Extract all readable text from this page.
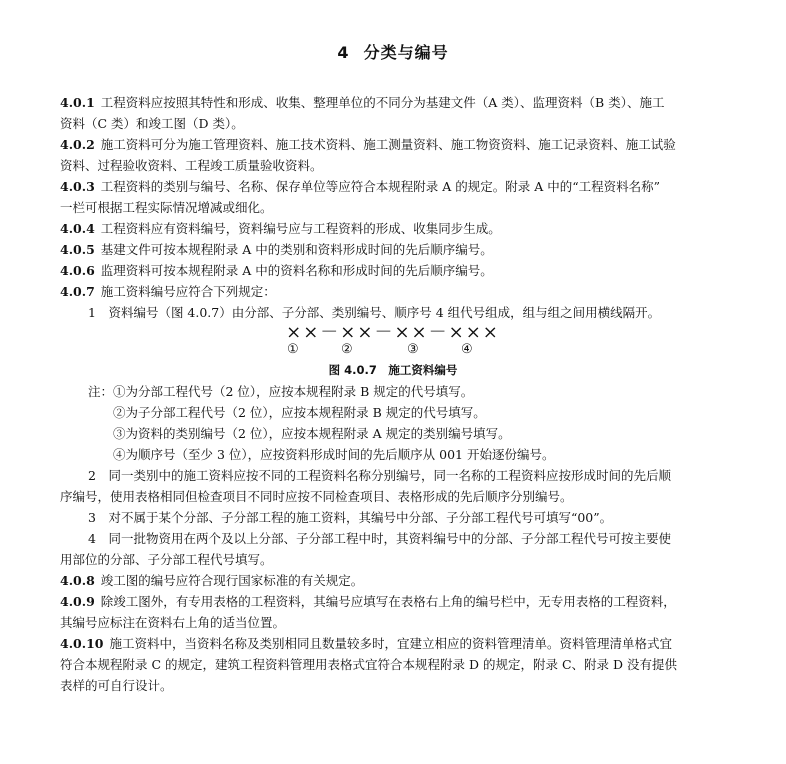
4 分类与编号
4.0.1 工程资料应按照其特性和形成、收集、整理单位的不同分为基建文件（A 类）、监理资料（B 类）、施工
资料（C 类）和竣工图（D 类）。
4.0.2 施工资料可分为施工管理资料、施工技术资料、施工测量资料、施工物资资料、施工记录资料、施工试验
资料、过程验收资料、工程竣工质量验收资料。
4.0.3 工程资料的类别与编号、名称、保存单位等应符合本规程附录 A 的规定。附录 A 中的“工程资料名称”
一栏可根据工程实际情况增减或细化。
4.0.4 工程资料应有资料编号，资料编号应与工程资料的形成、收集同步生成。
4.0.5 基建文件可按本规程附录 A 中的类别和资料形成时间的先后顺序编号。
4.0.6 监理资料可按本规程附录 A 中的资料名称和形成时间的先后顺序编号。
4.0.7 施工资料编号应符合下列规定：
1　资料编号（图 4.0.7）由分部、子分部、类别编号、顺序号 4 组代号组成，组与组之间用横线隔开。
××－××－××－×××
①	②	③	④
图 4.0.7　施工资料编号
注：①为分部工程代号（2 位），应按本规程附录 B 规定的代号填写。
②为子分部工程代号（2 位），应按本规程附录 B 规定的代号填写。
③为资料的类别编号（2 位），应按本规程附录 A 规定的类别编号填写。
④为顺序号（至少 3 位），应按资料形成时间的先后顺序从 001 开始逐份编号。
2　同一类别中的施工资料应按不同的工程资料名称分别编号，同一名称的工程资料应按形成时间的先后顺
序编号，使用表格相同但检查项目不同时应按不同检查项目、表格形成的先后顺序分别编号。
3　对不属于某个分部、子分部工程的施工资料，其编号中分部、子分部工程代号可填写“00”。
4　同一批物资用在两个及以上分部、子分部工程中时，其资料编号中的分部、子分部工程代号可按主要使
用部位的分部、子分部工程代号填写。
4.0.8 竣工图的编号应符合现行国家标准的有关规定。
4.0.9 除竣工图外，有专用表格的工程资料，其编号应填写在表格右上角的编号栏中，无专用表格的工程资料，
其编号应标注在资料右上角的适当位置。
4.0.10 施工资料中，当资料名称及类别相同且数量较多时，宜建立相应的资料管理清单。资料管理清单格式宜
符合本规程附录 C 的规定，建筑工程资料管理用表格式宜符合本规程附录 D 的规定，附录 C、附录 D 没有提供
表样的可自行设计。
